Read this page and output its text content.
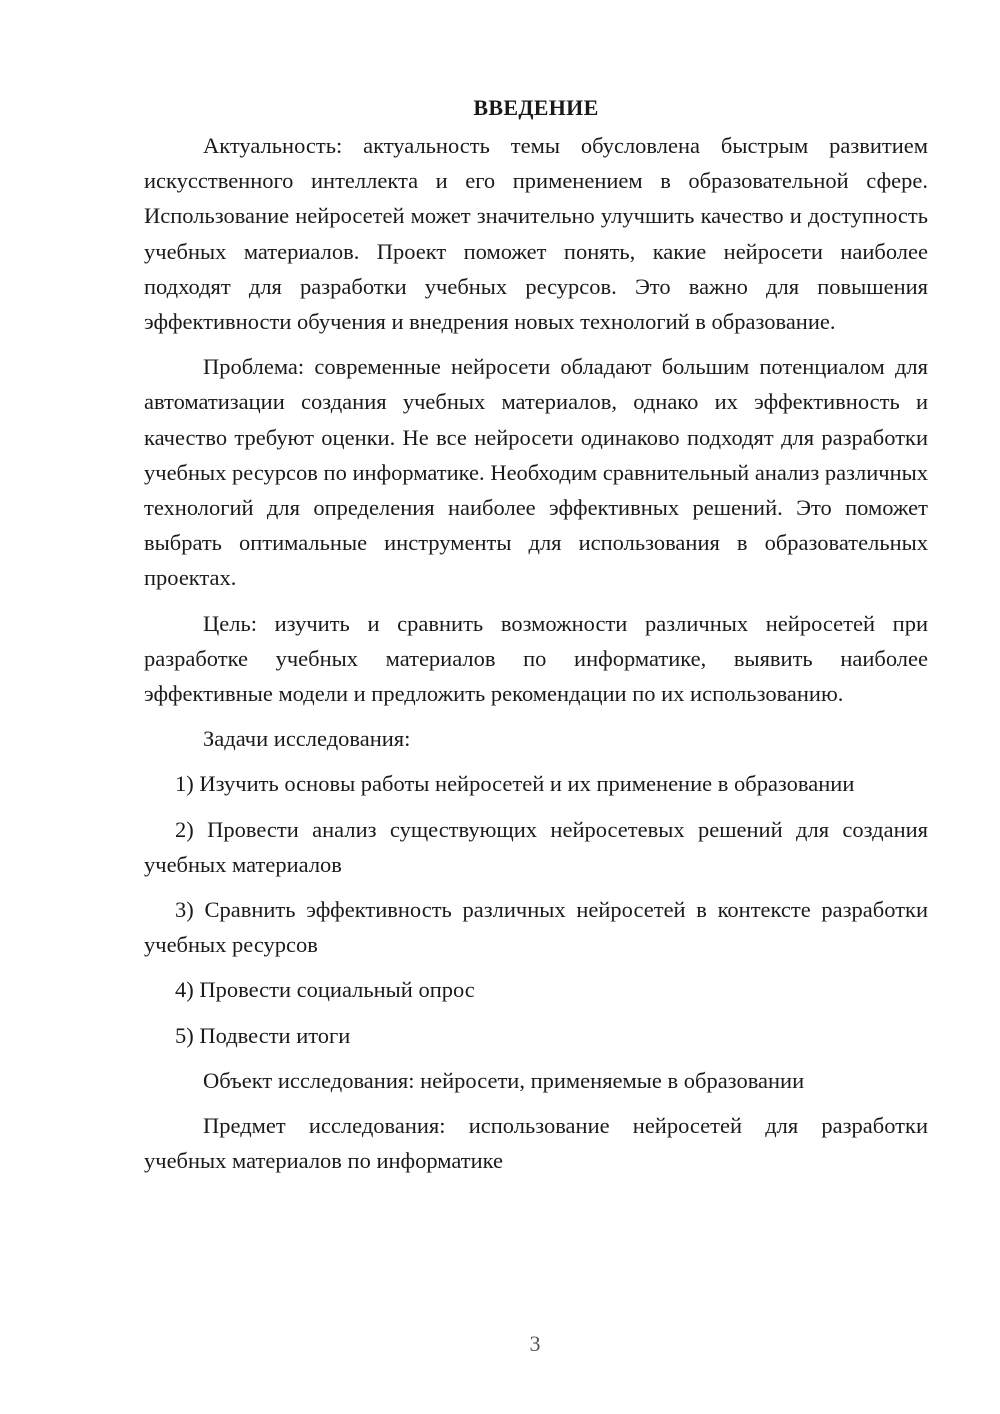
ВВЕДЕНИЕ

Актуальность: актуальность темы обусловлена быстрым развитием искусственного интеллекта и его применением в образовательной сфере. Использование нейросетей может значительно улучшить качество и доступность учебных материалов. Проект поможет понять, какие нейросети наиболее подходят для разработки учебных ресурсов. Это важно для повышения эффективности обучения и внедрения новых технологий в образование.

Проблема: современные нейросети обладают большим потенциалом для автоматизации создания учебных материалов, однако их эффективность и качество требуют оценки. Не все нейросети одинаково подходят для разработки учебных ресурсов по информатике. Необходим сравнительный анализ различных технологий для определения наиболее эффективных решений. Это поможет выбрать оптимальные инструменты для использования в образовательных проектах.

Цель: изучить и сравнить возможности различных нейросетей при разработке учебных материалов по информатике, выявить наиболее эффективные модели и предложить рекомендации по их использованию.

Задачи исследования:

1) Изучить основы работы нейросетей и их применение в образовании

2) Провести анализ существующих нейросетевых решений для создания учебных материалов

3) Сравнить эффективность различных нейросетей в контексте разработки учебных ресурсов

4) Провести социальный опрос

5) Подвести итоги

Объект исследования: нейросети, применяемые в образовании

Предмет исследования: использование нейросетей для разработки учебных материалов по информатике

3
